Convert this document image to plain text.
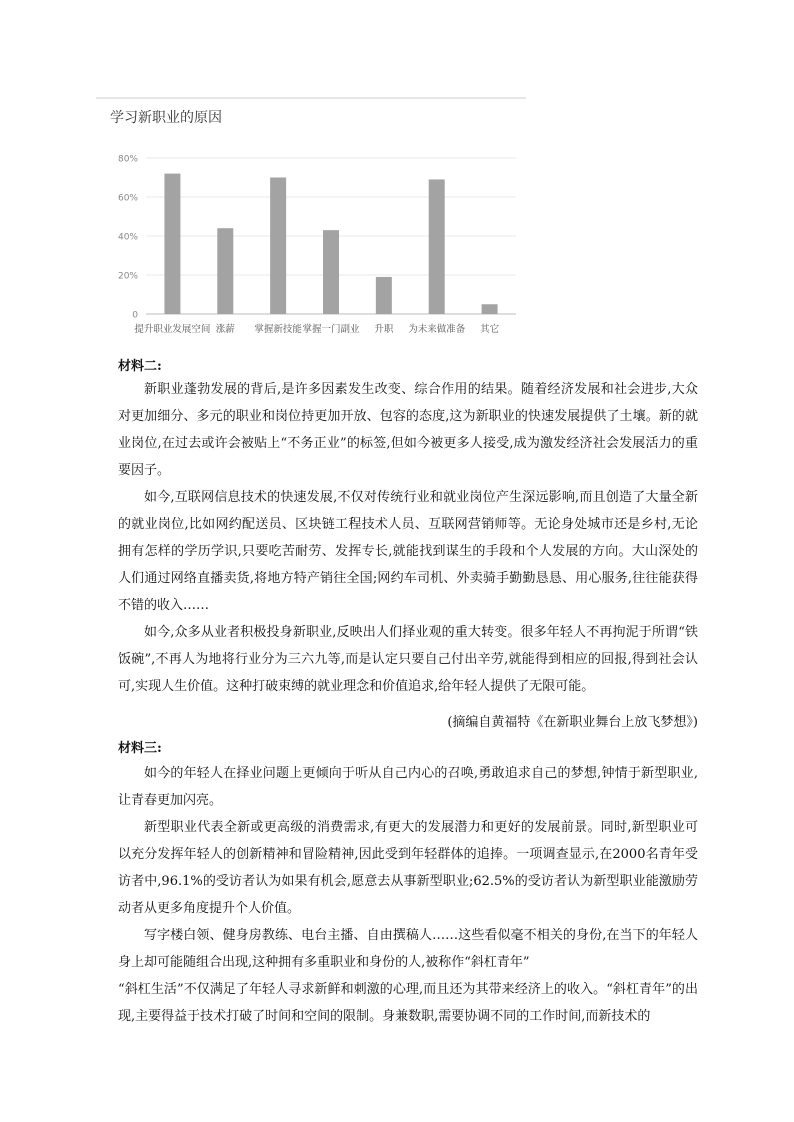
学习新职业的原因
0
20%
40%
60%
80%
提升职业发展空间 涨薪 掌握新技能 掌握一门副业 升职 为未来做准备 其它
材料二:

新职业蓬勃发展的背后,是许多因素发生改变、综合作用的结果。随着经济发展和社会进步,大众对更加细分、多元的职业和岗位持更加开放、包容的态度,这为新职业的快速发展提供了土壤。新的就业岗位,在过去或许会被贴上“不务正业”的标签,但如今被更多人接受,成为激发经济社会发展活力的重要因子。

如今,互联网信息技术的快速发展,不仅对传统行业和就业岗位产生深远影响,而且创造了大量全新的就业岗位,比如网约配送员、区块链工程技术人员、互联网营销师等。无论身处城市还是乡村,无论拥有怎样的学历学识,只要吃苦耐劳、发挥专长,就能找到谋生的手段和个人发展的方向。大山深处的人们通过网络直播卖货,将地方特产销往全国;网约车司机、外卖骑手勤勤恳恳、用心服务,往往能获得不错的收入……

如今,众多从业者积极投身新职业,反映出人们择业观的重大转变。很多年轻人不再拘泥于所谓“铁饭碗”,不再人为地将行业分为三六九等,而是认定只要自己付出辛劳,就能得到相应的回报,得到社会认可,实现人生价值。这种打破束缚的就业理念和价值追求,给年轻人提供了无限可能。

(摘编自黄福特《在新职业舞台上放飞梦想》)
材料三:

如今的年轻人在择业问题上更倾向于听从自己内心的召唤,勇敢追求自己的梦想,钟情于新型职业,让青春更加闪亮。

新型职业代表全新或更高级的消费需求,有更大的发展潜力和更好的发展前景。同时,新型职业可以充分发挥年轻人的创新精神和冒险精神,因此受到年轻群体的追捧。一项调查显示,在2000名青年受访者中,96.1%的受访者认为如果有机会,愿意去从事新型职业;62.5%的受访者认为新型职业能激励劳动者从更多角度提升个人价值。

写字楼白领、健身房教练、电台主播、自由撰稿人……这些看似毫不相关的身份,在当下的年轻人身上却可能随组合出现,这种拥有多重职业和身份的人,被称作“斜杠青年”

“斜杠生活”不仅满足了年轻人寻求新鲜和刺激的心理,而且还为其带来经济上的收入。“斜杠青年”的出现,主要得益于技术打破了时间和空间的限制。身兼数职,需要协调不同的工作时间,而新技术的
